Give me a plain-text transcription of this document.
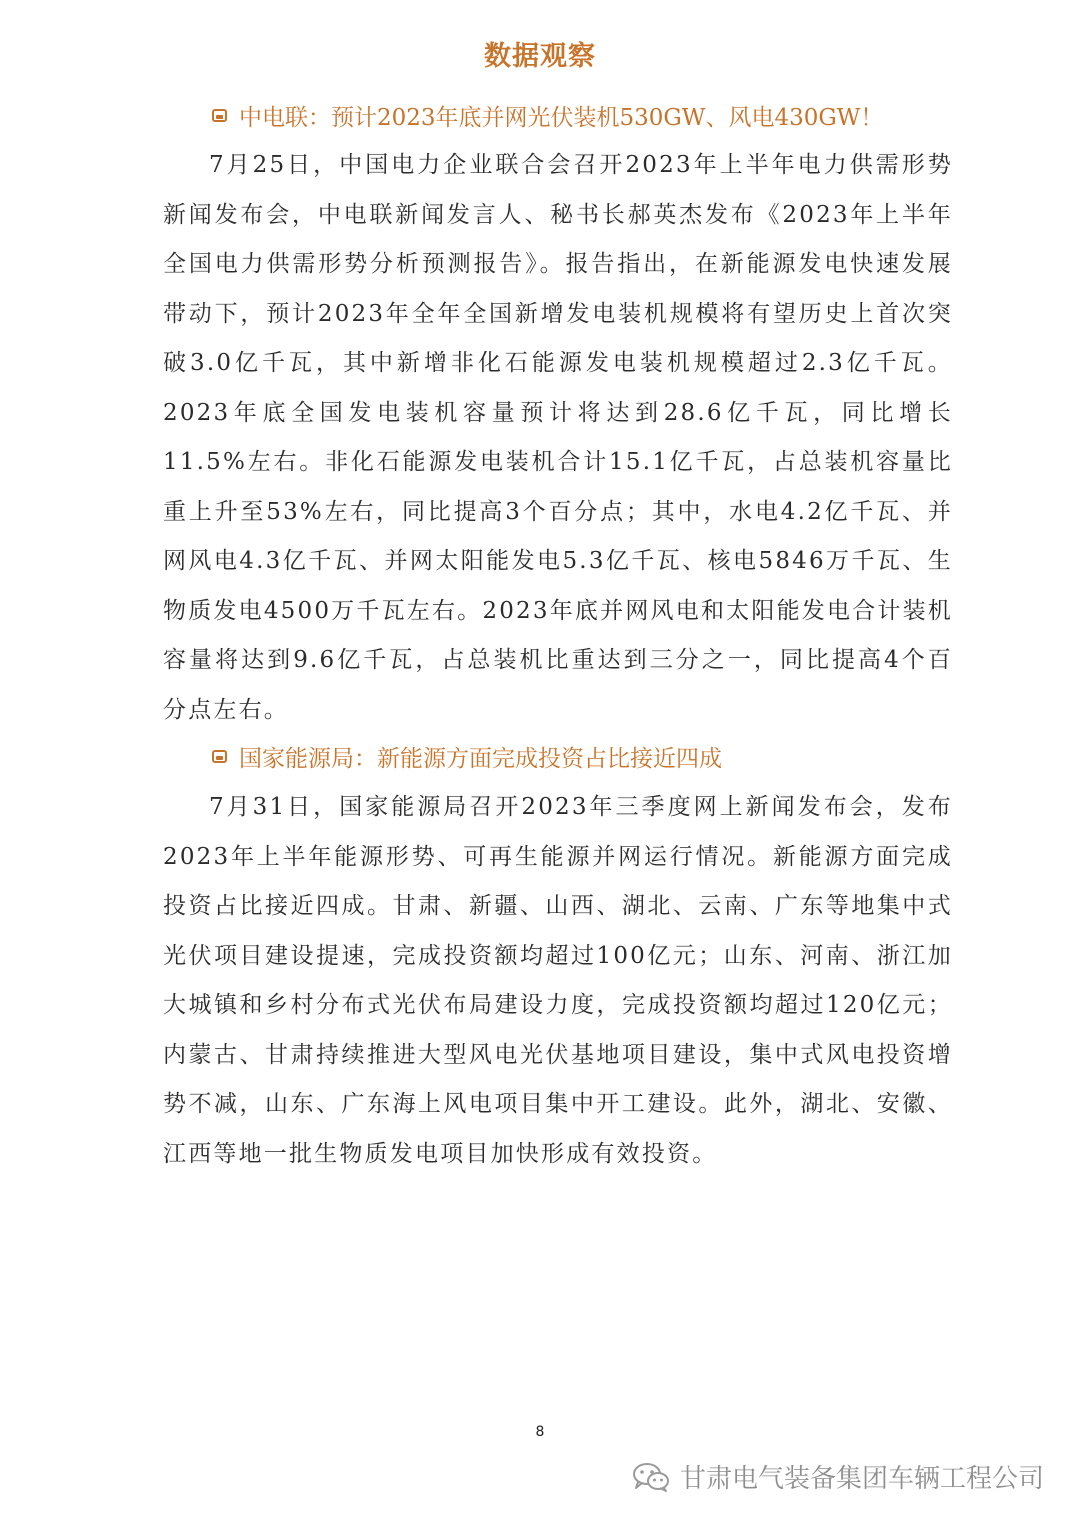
数据观察
中电联：预计2023年底并网光伏装机530GW、风电430GW！

7月25日，中国电力企业联合会召开2023年上半年电力供需形势新闻发布会，中电联新闻发言人、秘书长郝英杰发布《2023年上半年全国电力供需形势分析预测报告》。报告指出，在新能源发电快速发展带动下，预计2023年全年全国新增发电装机规模将有望历史上首次突破3.0亿千瓦，其中新增非化石能源发电装机规模超过2.3亿千瓦。2023年底全国发电装机容量预计将达到28.6亿千瓦，同比增长11.5%左右。非化石能源发电装机合计15.1亿千瓦，占总装机容量比重上升至53%左右，同比提高3个百分点；其中，水电4.2亿千瓦、并网风电4.3亿千瓦、并网太阳能发电5.3亿千瓦、核电5846万千瓦、生物质发电4500万千瓦左右。2023年底并网风电和太阳能发电合计装机容量将达到9.6亿千瓦，占总装机比重达到三分之一，同比提高4个百分点左右。

国家能源局：新能源方面完成投资占比接近四成

7月31日，国家能源局召开2023年三季度网上新闻发布会，发布2023年上半年能源形势、可再生能源并网运行情况。新能源方面完成投资占比接近四成。甘肃、新疆、山西、湖北、云南、广东等地集中式光伏项目建设提速，完成投资额均超过100亿元；山东、河南、浙江加大城镇和乡村分布式光伏布局建设力度，完成投资额均超过120亿元；内蒙古、甘肃持续推进大型风电光伏基地项目建设，集中式风电投资增势不减，山东、广东海上风电项目集中开工建设。此外，湖北、安徽、江西等地一批生物质发电项目加快形成有效投资。

8
甘肃电气装备集团车辆工程公司
